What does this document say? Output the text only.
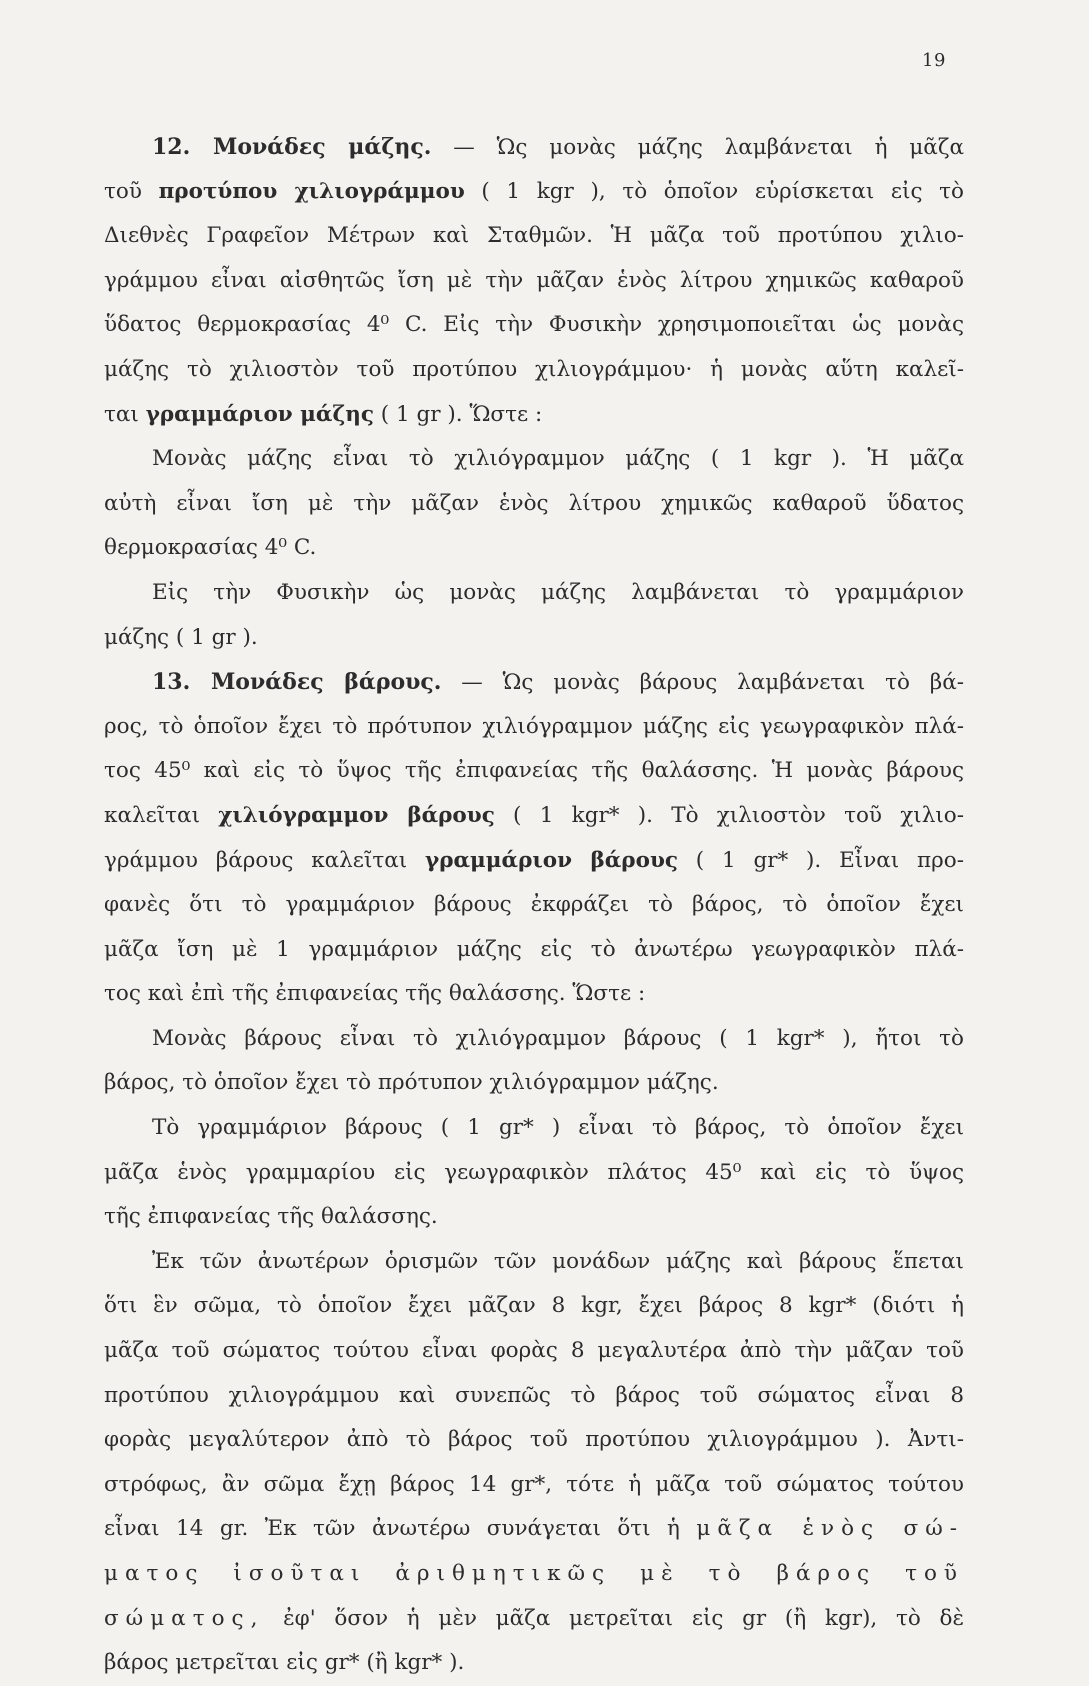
19
12. Μονάδες μάζης. — Ὡς μονὰς μάζης λαμβάνεται ἡ μᾶζα
τοῦ προτύπου χιλιογράμμου ( 1 kgr ), τὸ ὁποῖον εὑρίσκεται εἰς τὸ
Διεθνὲς Γραφεῖον Μέτρων καὶ Σταθμῶν. Ἡ μᾶζα τοῦ προτύπου χιλιο-
γράμμου εἶναι αἰσθητῶς ἴση μὲ τὴν μᾶζαν ἑνὸς λίτρου χημικῶς καθαροῦ
ὕδατος θερμοκρασίας 4⁰ C. Εἰς τὴν Φυσικὴν χρησιμοποιεῖται ὡς μονὰς
μάζης τὸ χιλιοστὸν τοῦ προτύπου χιλιογράμμου· ἡ μονὰς αὕτη καλεῖ-
ται γραμμάριον μάζης ( 1 gr ). Ὥστε :
Μονὰς μάζης εἶναι τὸ χιλιόγραμμον μάζης ( 1 kgr ). Ἡ μᾶζα
αὐτὴ εἶναι ἴση μὲ τὴν μᾶζαν ἑνὸς λίτρου χημικῶς καθαροῦ ὕδατος
θερμοκρασίας 4⁰ C.
Εἰς τὴν Φυσικὴν ὡς μονὰς μάζης λαμβάνεται τὸ γραμμάριον
μάζης ( 1 gr ).
13. Μονάδες βάρους. — Ὡς μονὰς βάρους λαμβάνεται τὸ βά-
ρος, τὸ ὁποῖον ἔχει τὸ πρότυπον χιλιόγραμμον μάζης εἰς γεωγραφικὸν πλά-
τος 45⁰ καὶ εἰς τὸ ὕψος τῆς ἐπιφανείας τῆς θαλάσσης. Ἡ μονὰς βάρους
καλεῖται χιλιόγραμμον βάρους ( 1 kgr* ). Τὸ χιλιοστὸν τοῦ χιλιο-
γράμμου βάρους καλεῖται γραμμάριον βάρους ( 1 gr* ). Εἶναι προ-
φανὲς ὅτι τὸ γραμμάριον βάρους ἐκφράζει τὸ βάρος, τὸ ὁποῖον ἔχει
μᾶζα ἴση μὲ 1 γραμμάριον μάζης εἰς τὸ ἀνωτέρω γεωγραφικὸν πλά-
τος καὶ ἐπὶ τῆς ἐπιφανείας τῆς θαλάσσης. Ὥστε :
Μονὰς βάρους εἶναι τὸ χιλιόγραμμον βάρους ( 1 kgr* ), ἤτοι τὸ
βάρος, τὸ ὁποῖον ἔχει τὸ πρότυπον χιλιόγραμμον μάζης.
Τὸ γραμμάριον βάρους ( 1 gr* ) εἶναι τὸ βάρος, τὸ ὁποῖον ἔχει
μᾶζα ἑνὸς γραμμαρίου εἰς γεωγραφικὸν πλάτος 45⁰ καὶ εἰς τὸ ὕψος
τῆς ἐπιφανείας τῆς θαλάσσης.
Ἐκ τῶν ἀνωτέρων ὁρισμῶν τῶν μονάδων μάζης καὶ βάρους ἕπεται
ὅτι ἓν σῶμα, τὸ ὁποῖον ἔχει μᾶζαν 8 kgr, ἔχει βάρος 8 kgr* (διότι ἡ
μᾶζα τοῦ σώματος τούτου εἶναι φορὰς 8 μεγαλυτέρα ἀπὸ τὴν μᾶζαν τοῦ
προτύπου χιλιογράμμου καὶ συνεπῶς τὸ βάρος τοῦ σώματος εἶναι 8
φορὰς μεγαλύτερον ἀπὸ τὸ βάρος τοῦ προτύπου χιλιογράμμου ). Ἀντι-
στρόφως, ἂν σῶμα ἔχῃ βάρος 14 gr*, τότε ἡ μᾶζα τοῦ σώματος τούτου
εἶναι 14 gr. Ἐκ τῶν ἀνωτέρω συνάγεται ὅτι ἡ μᾶζα ἑνὸς σώ-
ματος ἰσοῦται ἀριθμητικῶς μὲ τὸ βάρος τοῦ
σώματος, ἐφ' ὅσον ἡ μὲν μᾶζα μετρεῖται εἰς gr (ἢ kgr), τὸ δὲ
βάρος μετρεῖται εἰς gr* (ἢ kgr* ).
